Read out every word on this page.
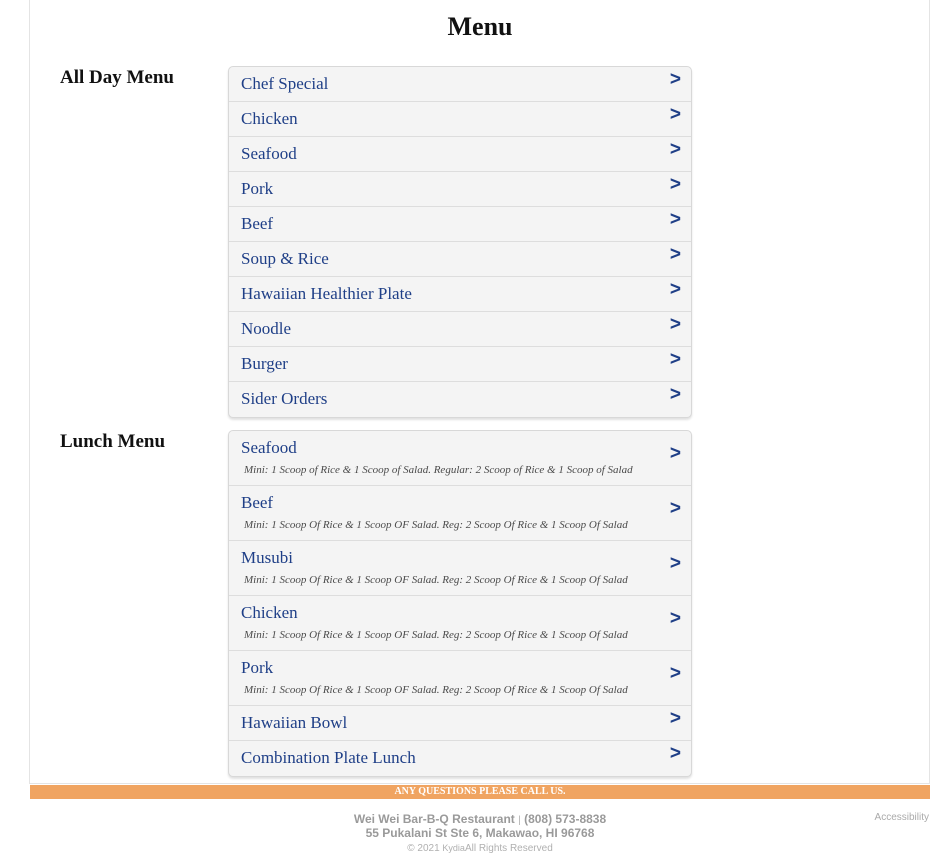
Menu
All Day Menu	Chef Special	>
Chicken	>
Seafood	>
Pork	>
Beef	>
Soup & Rice	>
Hawaiian Healthier Plate	>
Noodle	>
Burger	>
Sider Orders	>
Lunch Menu	Seafood
Mini: 1 Scoop of Rice & 1 Scoop of Salad. Regular: 2 Scoop of Rice & 1 Scoop of Salad
>
Beef
Mini: 1 Scoop Of Rice & 1 Scoop OF Salad. Reg: 2 Scoop Of Rice & 1 Scoop Of Salad
>
Musubi
Mini: 1 Scoop Of Rice & 1 Scoop OF Salad. Reg: 2 Scoop Of Rice & 1 Scoop Of Salad
>
Chicken
Mini: 1 Scoop Of Rice & 1 Scoop OF Salad. Reg: 2 Scoop Of Rice & 1 Scoop Of Salad
>
Pork
Mini: 1 Scoop Of Rice & 1 Scoop OF Salad. Reg: 2 Scoop Of Rice & 1 Scoop Of Salad
>
Hawaiian Bowl	>
Combination Plate Lunch	>
ANY QUESTIONS PLEASE CALL US.
Wei Wei Bar-B-Q Restaurant | (808) 573-8838
55 Pukalani St Ste 6, Makawao, HI 96768
© 2021 KydiaAll Rights Reserved
Accessibility
